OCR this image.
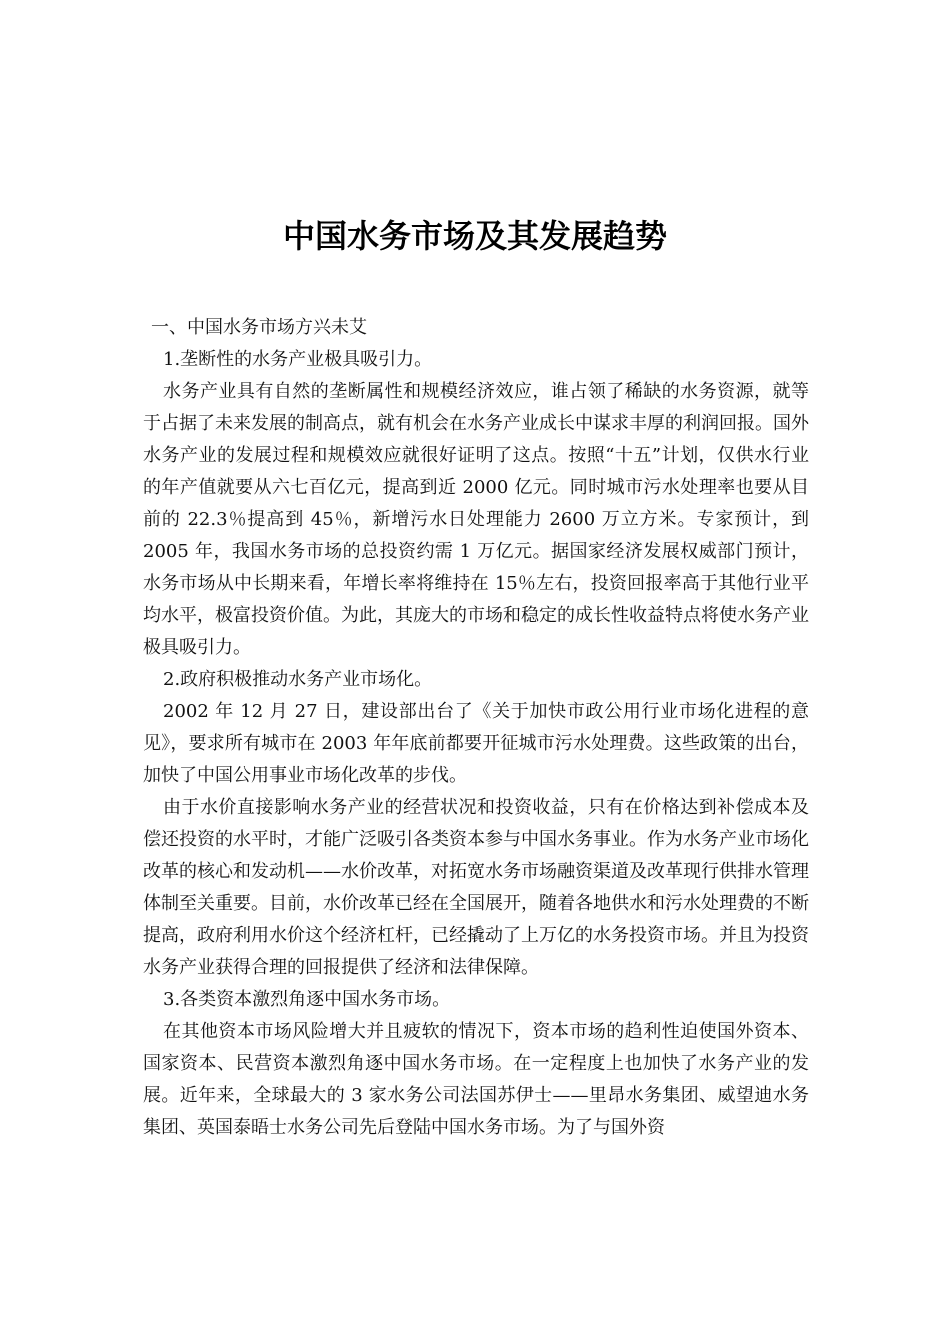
中国水务市场及其发展趋势

一、中国水务市场方兴未艾

1.垄断性的水务产业极具吸引力。

水务产业具有自然的垄断属性和规模经济效应，谁占领了稀缺的水务资源，就等于占据了未来发展的制高点，就有机会在水务产业成长中谋求丰厚的利润回报。国外水务产业的发展过程和规模效应就很好证明了这点。按照“十五”计划，仅供水行业的年产值就要从六七百亿元，提高到近 2000 亿元。同时城市污水处理率也要从目前的 22.3％提高到 45％，新增污水日处理能力 2600 万立方米。专家预计，到 2005 年，我国水务市场的总投资约需 1 万亿元。据国家经济发展权威部门预计，水务市场从中长期来看，年增长率将维持在 15％左右，投资回报率高于其他行业平均水平，极富投资价值。为此，其庞大的市场和稳定的成长性收益特点将使水务产业极具吸引力。

2.政府积极推动水务产业市场化。

2002 年 12 月 27 日，建设部出台了《关于加快市政公用行业市场化进程的意见》，要求所有城市在 2003 年年底前都要开征城市污水处理费。这些政策的出台，加快了中国公用事业市场化改革的步伐。

由于水价直接影响水务产业的经营状况和投资收益，只有在价格达到补偿成本及偿还投资的水平时，才能广泛吸引各类资本参与中国水务事业。作为水务产业市场化改革的核心和发动机——水价改革，对拓宽水务市场融资渠道及改革现行供排水管理体制至关重要。目前，水价改革已经在全国展开，随着各地供水和污水处理费的不断提高，政府利用水价这个经济杠杆，已经撬动了上万亿的水务投资市场。并且为投资水务产业获得合理的回报提供了经济和法律保障。

3.各类资本激烈角逐中国水务市场。

在其他资本市场风险增大并且疲软的情况下，资本市场的趋利性迫使国外资本、国家资本、民营资本激烈角逐中国水务市场。在一定程度上也加快了水务产业的发展。近年来，全球最大的 3 家水务公司法国苏伊士——里昂水务集团、威望迪水务集团、英国泰晤士水务公司先后登陆中国水务市场。为了与国外资
